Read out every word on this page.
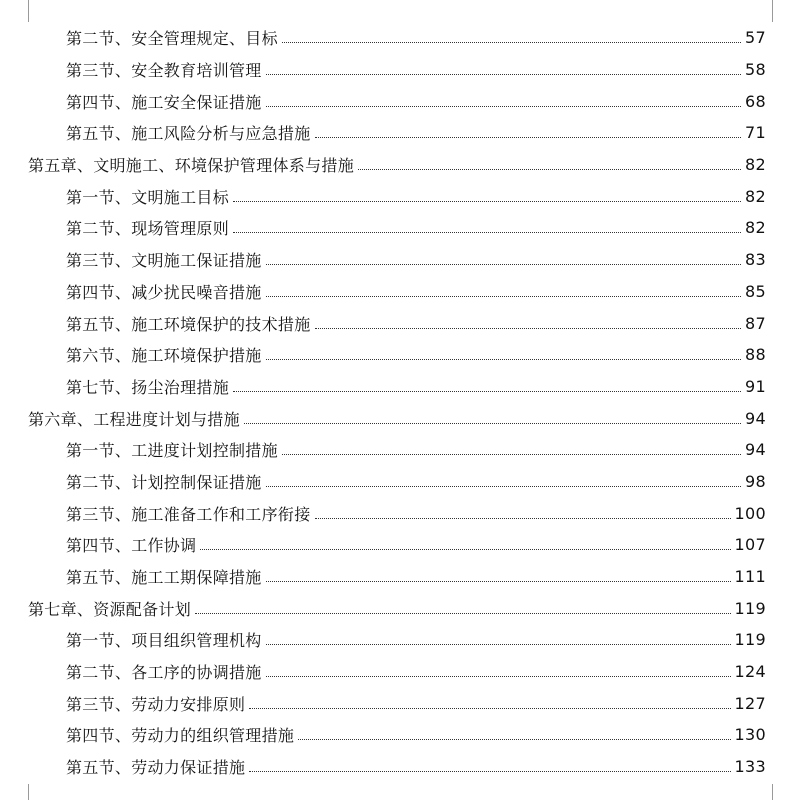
第二节、安全管理规定、目标	57
第三节、安全教育培训管理	58
第四节、施工安全保证措施	68
第五节、施工风险分析与应急措施	71
第五章、文明施工、环境保护管理体系与措施	82
第一节、文明施工目标	82
第二节、现场管理原则	82
第三节、文明施工保证措施	83
第四节、减少扰民噪音措施	85
第五节、施工环境保护的技术措施	87
第六节、施工环境保护措施	88
第七节、扬尘治理措施	91
第六章、工程进度计划与措施	94
第一节、工进度计划控制措施	94
第二节、计划控制保证措施	98
第三节、施工准备工作和工序衔接	100
第四节、工作协调	107
第五节、施工工期保障措施	111
第七章、资源配备计划	119
第一节、项目组织管理机构	119
第二节、各工序的协调措施	124
第三节、劳动力安排原则	127
第四节、劳动力的组织管理措施	130
第五节、劳动力保证措施	133
